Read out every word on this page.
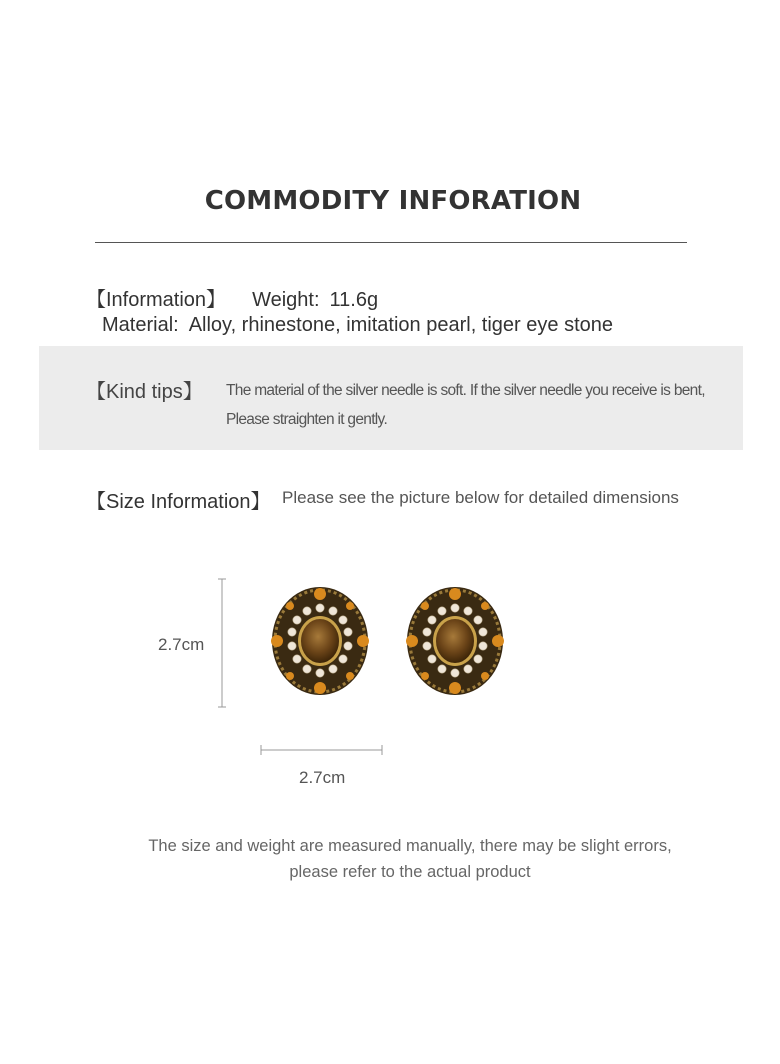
COMMODITY INFORATION
【Information】 Weight: 11.6g
Material: Alloy, rhinestone, imitation pearl, tiger eye stone
【Kind tips】 The material of the silver needle is soft. If the silver needle you receive is bent,
Please straighten it gently.
【Size Information】 Please see the picture below for detailed dimensions
2.7cm
2.7cm
The size and weight are measured manually, there may be slight errors,
please refer to the actual product
